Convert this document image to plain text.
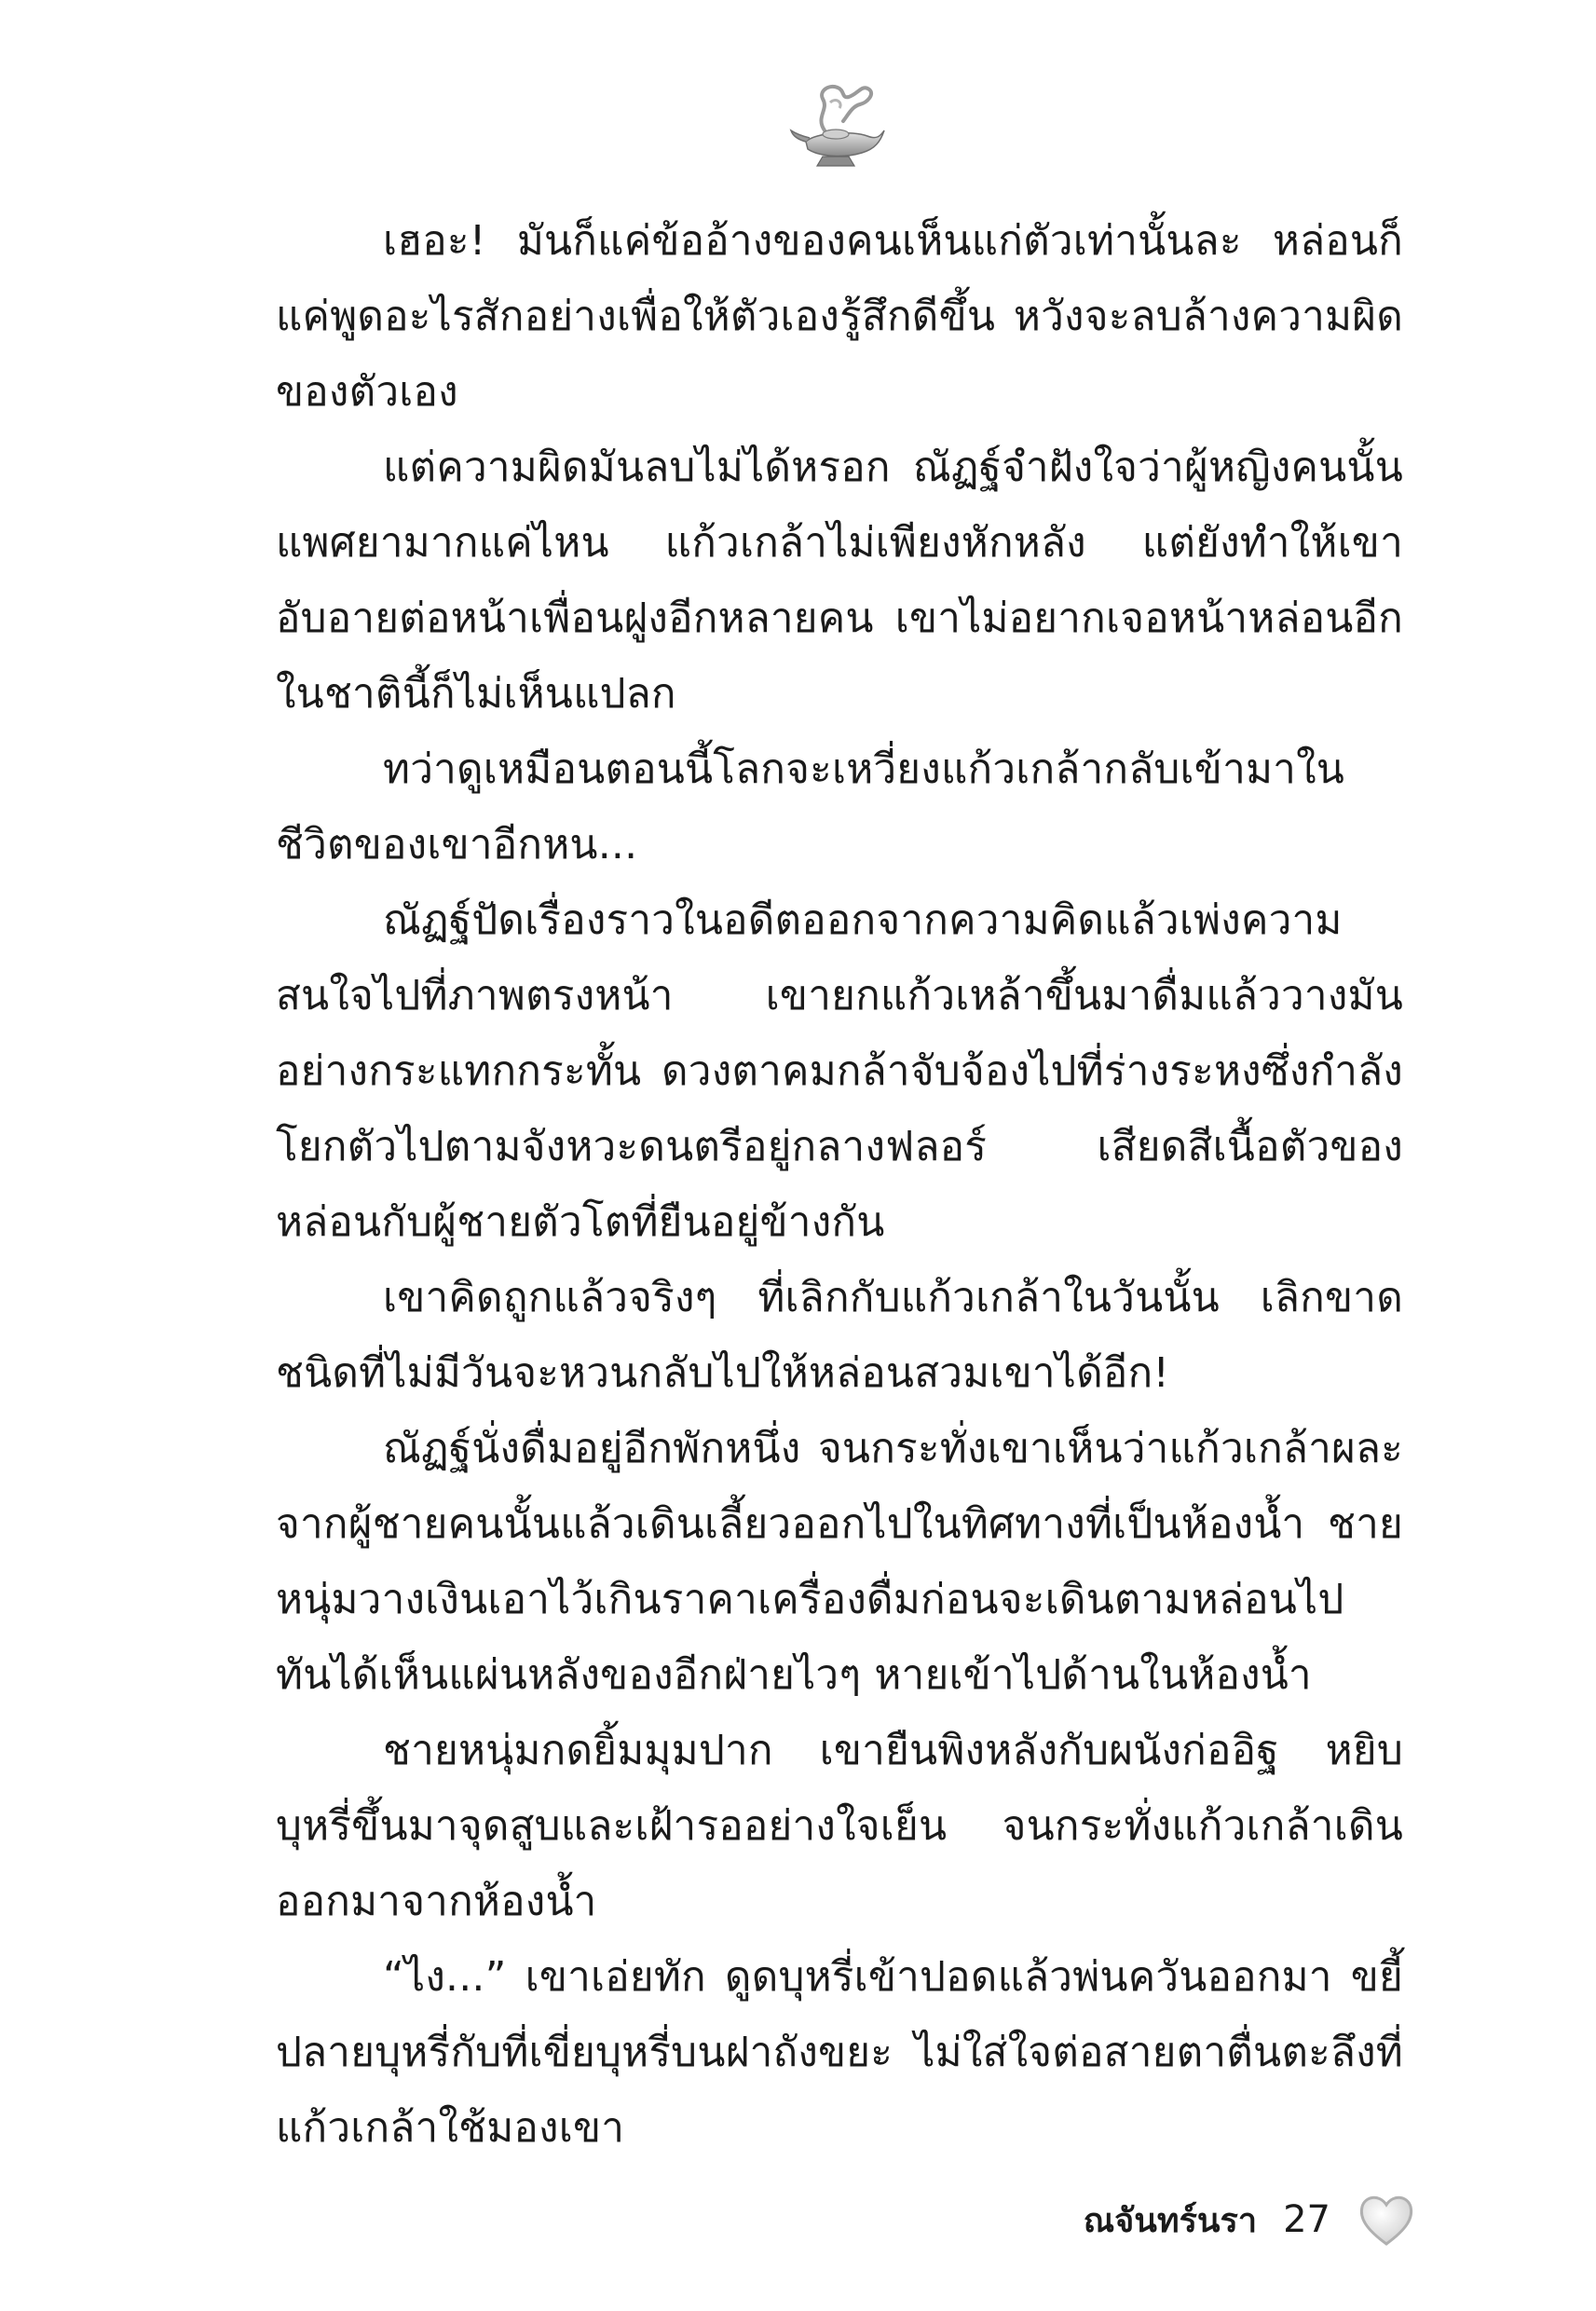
เฮอะ! มันก็แค่ข้ออ้างของคนเห็นแก่ตัวเท่านั้นละ หล่อนก็แค่พูดอะไรสักอย่างเพื่อให้ตัวเองรู้สึกดีขึ้น หวังจะลบล้างความผิดของตัวเอง

แต่ความผิดมันลบไม่ได้หรอก ณัฏฐ์จำฝังใจว่าผู้หญิงคนนั้นแพศยามากแค่ไหน แก้วเกล้าไม่เพียงหักหลัง แต่ยังทำให้เขาอับอายต่อหน้าเพื่อนฝูงอีกหลายคน เขาไม่อยากเจอหน้าหล่อนอีกในชาตินี้ก็ไม่เห็นแปลก

ทว่าดูเหมือนตอนนี้โลกจะเหวี่ยงแก้วเกล้ากลับเข้ามาในชีวิตของเขาอีกหน...

ณัฏฐ์ปัดเรื่องราวในอดีตออกจากความคิดแล้วเพ่งความสนใจไปที่ภาพตรงหน้า เขายกแก้วเหล้าขึ้นมาดื่มแล้ววางมันอย่างกระแทกกระทั้น ดวงตาคมกล้าจับจ้องไปที่ร่างระหงซึ่งกำลังโยกตัวไปตามจังหวะดนตรีอยู่กลางฟลอร์ เสียดสีเนื้อตัวของหล่อนกับผู้ชายตัวโตที่ยืนอยู่ข้างกัน

เขาคิดถูกแล้วจริงๆ ที่เลิกกับแก้วเกล้าในวันนั้น เลิกขาดชนิดที่ไม่มีวันจะหวนกลับไปให้หล่อนสวมเขาได้อีก!

ณัฏฐ์นั่งดื่มอยู่อีกพักหนึ่ง จนกระทั่งเขาเห็นว่าแก้วเกล้าผละจากผู้ชายคนนั้นแล้วเดินเลี้ยวออกไปในทิศทางที่เป็นห้องน้ำ ชายหนุ่มวางเงินเอาไว้เกินราคาเครื่องดื่มก่อนจะเดินตามหล่อนไป ทันได้เห็นแผ่นหลังของอีกฝ่ายไวๆ หายเข้าไปด้านในห้องน้ำ

ชายหนุ่มกดยิ้มมุมปาก เขายืนพิงหลังกับผนังก่ออิฐ หยิบบุหรี่ขึ้นมาจุดสูบและเฝ้ารออย่างใจเย็น จนกระทั่งแก้วเกล้าเดินออกมาจากห้องน้ำ

“ไง...” เขาเอ่ยทัก ดูดบุหรี่เข้าปอดแล้วพ่นควันออกมา ขยี้ปลายบุหรี่กับที่เขี่ยบุหรี่บนฝาถังขยะ ไม่ใส่ใจต่อสายตาตื่นตะลึงที่แก้วเกล้าใช้มองเขา

ณจันทร์นรา 27
